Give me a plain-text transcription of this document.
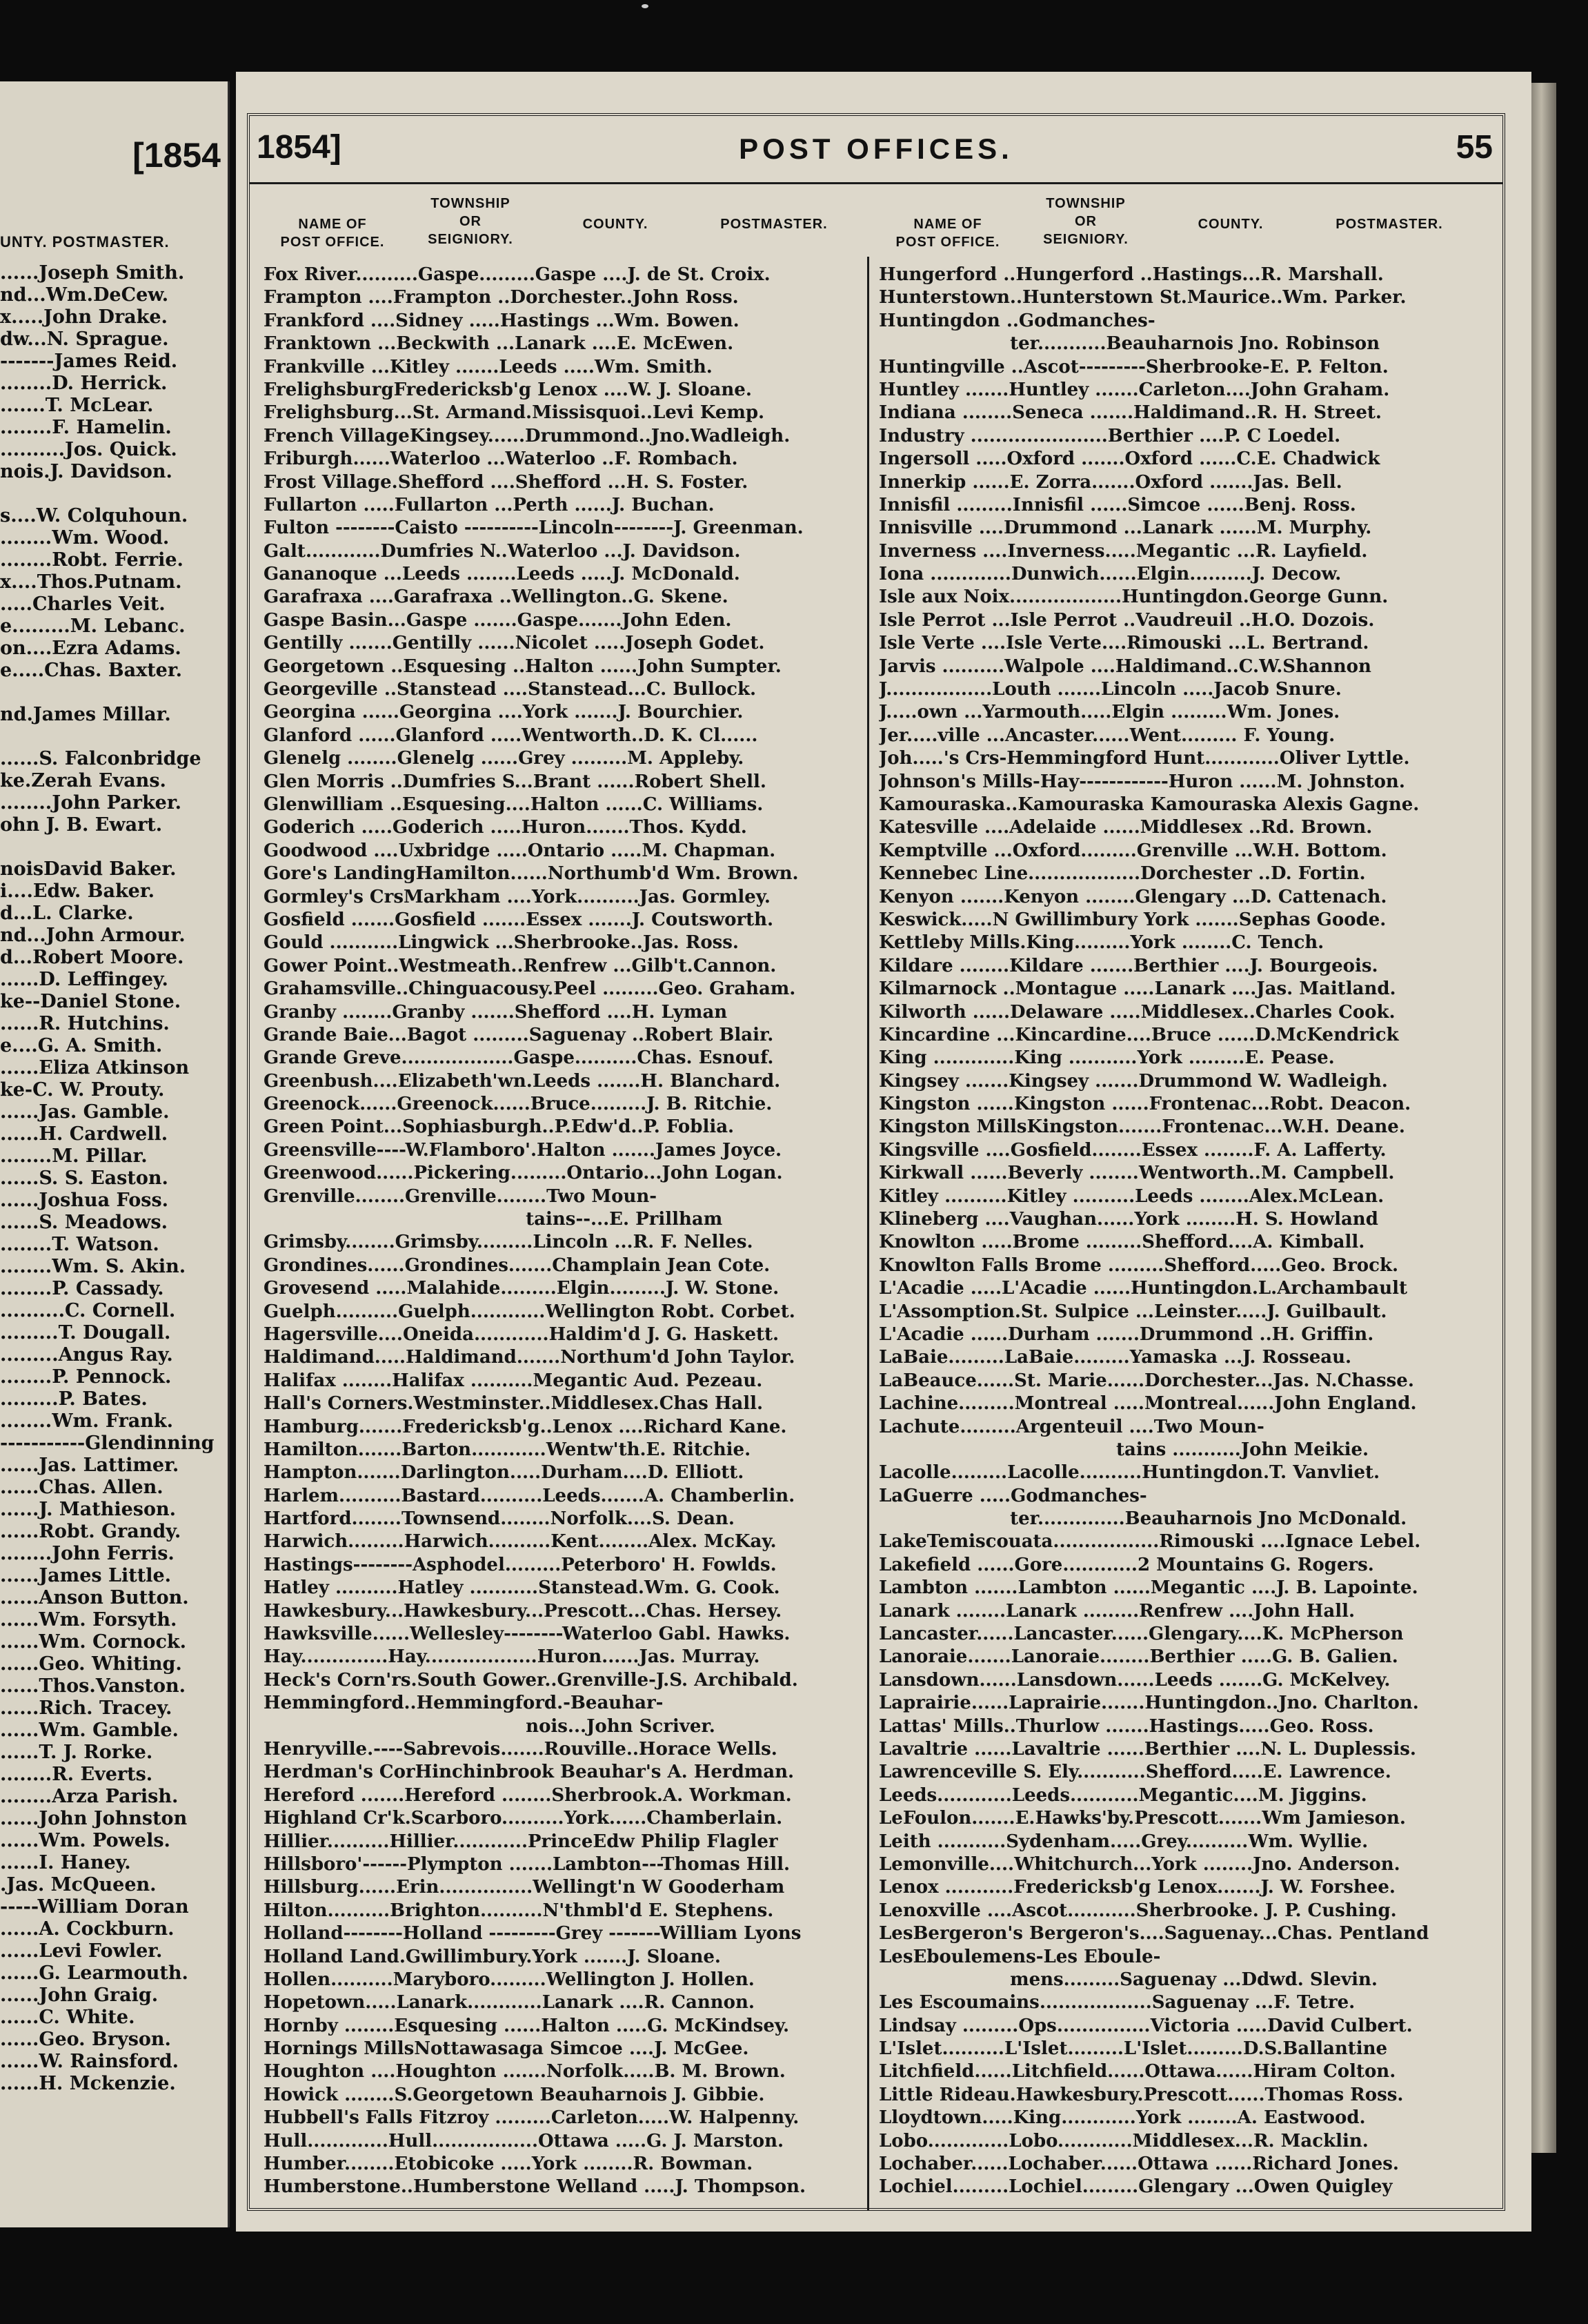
[1854
UNTY. POSTMASTER.
......Joseph Smith.
nd...Wm.DeCew.
x.....John Drake.
dw...N. Sprague.
-------James Reid.
........D. Herrick.
.......T. McLear.
........F. Hamelin.
..........Jos. Quick.
nois.J. Davidson.
s....W. Colquhoun.
........Wm. Wood.
........Robt. Ferrie.
x....Thos.Putnam.
.....Charles Veit.
e.........M. Lebanc.
on....Ezra Adams.
e.....Chas. Baxter.
nd.James Millar.
......S. Falconbridge
ke.Zerah Evans.
........John Parker.
ohn J. B. Ewart.
noisDavid Baker.
i....Edw. Baker.
d...L. Clarke.
nd...John Armour.
d...Robert Moore.
......D. Leffingey.
ke--Daniel Stone.
......R. Hutchins.
e....G. A. Smith.
......Eliza Atkinson
ke-C. W. Prouty.
......Jas. Gamble.
......H. Cardwell.
........M. Pillar.
......S. S. Easton.
......Joshua Foss.
......S. Meadows.
........T. Watson.
........Wm. S. Akin.
........P. Cassady.
..........C. Cornell.
.........T. Dougall.
.........Angus Ray.
........P. Pennock.
.........P. Bates.
........Wm. Frank.
-----------Glendinning
......Jas. Lattimer.
......Chas. Allen.
......J. Mathieson.
......Robt. Grandy.
........John Ferris.
......James Little.
......Anson Button.
......Wm. Forsyth.
......Wm. Cornock.
......Geo. Whiting.
......Thos.Vanston.
......Rich. Tracey.
......Wm. Gamble.
......T. J. Rorke.
........R. Everts.
........Arza Parish.
......John Johnston
......Wm. Powels.
......I. Haney.
.Jas. McQueen.
-----William Doran
......A. Cockburn.
......Levi Fowler.
......G. Learmouth.
......John Graig.
......C. White.
......Geo. Bryson.
......W. Rainsford.
......H. Mckenzie.
1854]	POST OFFICES.	55
NAME OF
POST OFFICE.
TOWNSHIP
OR
SEIGNIORY.
COUNTY.	POSTMASTER.
Fox River..........Gaspe.........Gaspe ....J. de St. Croix.
Frampton ....Frampton ..Dorchester..John Ross.
Frankford ....Sidney .....Hastings ...Wm. Bowen.
Franktown ...Beckwith ...Lanark ....E. McEwen.
Frankville ...Kitley .......Leeds .....Wm. Smith.
FrelighsburgFredericksb'g Lenox ....W. J. Sloane.
Frelighsburg...St. Armand.Missisquoi..Levi Kemp.
French VillageKingsey......Drummond..Jno.Wadleigh.
Friburgh......Waterloo ...Waterloo ..F. Rombach.
Frost Village.Shefford ....Shefford ...H. S. Foster.
Fullarton .....Fullarton ...Perth ......J. Buchan.
Fulton --------Caisto ----------Lincoln--------J. Greenman.
Galt............Dumfries N..Waterloo ...J. Davidson.
Gananoque ...Leeds ........Leeds .....J. McDonald.
Garafraxa ....Garafraxa ..Wellington..G. Skene.
Gaspe Basin...Gaspe .......Gaspe.......John Eden.
Gentilly .......Gentilly ......Nicolet .....Joseph Godet.
Georgetown ..Esquesing ..Halton ......John Sumpter.
Georgeville ..Stanstead ....Stanstead...C. Bullock.
Georgina ......Georgina ....York .......J. Bourchier.
Glanford ......Glanford .....Wentworth..D. K. Cl......
Glenelg ........Glenelg ......Grey .........M. Appleby.
Glen Morris ..Dumfries S...Brant ......Robert Shell.
Glenwilliam ..Esquesing....Halton ......C. Williams.
Goderich .....Goderich .....Huron.......Thos. Kydd.
Goodwood ....Uxbridge .....Ontario .....M. Chapman.
Gore's LandingHamilton......Northumb'd Wm. Brown.
Gormley's CrsMarkham ....York..........Jas. Gormley.
Gosfield .......Gosfield .......Essex .......J. Coutsworth.
Gould ...........Lingwick ...Sherbrooke..Jas. Ross.
Gower Point..Westmeath..Renfrew ...Gilb't.Cannon.
Grahamsville..Chinguacousy.Peel .........Geo. Graham.
Granby ........Granby .......Shefford ....H. Lyman
Grande Baie...Bagot .........Saguenay ..Robert Blair.
Grande Greve..................Gaspe..........Chas. Esnouf.
Greenbush....Elizabeth'wn.Leeds .......H. Blanchard.
Greenock......Greenock......Bruce.........J. B. Ritchie.
Green Point...Sophiasburgh..P.Edw'd..P. Foblia.
Greensville----W.Flamboro'.Halton .......James Joyce.
Greenwood......Pickering.........Ontario...John Logan.
Grenville........Grenville........Two Moun-
tains--...E. Prillham
Grimsby........Grimsby.........Lincoln ...R. F. Nelles.
Grondines......Grondines.......Champlain Jean Cote.
Grovesend .....Malahide.........Elgin.........J. W. Stone.
Guelph..........Guelph............Wellington Robt. Corbet.
Hagersville....Oneida............Haldim'd J. G. Haskett.
Haldimand.....Haldimand.......Northum'd John Taylor.
Halifax ........Halifax ..........Megantic Aud. Pezeau.
Hall's Corners.Westminster..Middlesex.Chas Hall.
Hamburg.......Fredericksb'g..Lenox ....Richard Kane.
Hamilton.......Barton............Wentw'th.E. Ritchie.
Hampton.......Darlington.....Durham....D. Elliott.
Harlem..........Bastard..........Leeds.......A. Chamberlin.
Hartford........Townsend........Norfolk....S. Dean.
Harwich.........Harwich..........Kent........Alex. McKay.
Hastings--------Asphodel.........Peterboro' H. Fowlds.
Hatley ..........Hatley ...........Stanstead.Wm. G. Cook.
Hawkesbury...Hawkesbury...Prescott...Chas. Hersey.
Hawksville......Wellesley--------Waterloo Gabl. Hawks.
Hay..............Hay..................Huron......Jas. Murray.
Heck's Corn'rs.South Gower..Grenville-J.S. Archibald.
Hemmingford..Hemmingford.-Beauhar-
nois...John Scriver.
Henryville.----Sabrevois.......Rouville..Horace Wells.
Herdman's CorHinchinbrook Beauhar's A. Herdman.
Hereford .......Hereford ........Sherbrook.A. Workman.
Highland Cr'k.Scarboro..........York......Chamberlain.
Hillier..........Hillier............PrinceEdw Philip Flagler
Hillsboro'------Plympton .......Lambton---Thomas Hill.
Hillsburg......Erin...............Wellingt'n W Gooderham
Hilton..........Brighton..........N'thmbl'd E. Stephens.
Holland--------Holland ---------Grey -------William Lyons
Holland Land.Gwillimbury.York .......J. Sloane.
Hollen..........Maryboro.........Wellington J. Hollen.
Hopetown.....Lanark............Lanark ....R. Cannon.
Hornby ........Esquesing ......Halton .....G. McKindsey.
Hornings MillsNottawasaga Simcoe ....J. McGee.
Houghton ....Houghton .......Norfolk.....B. M. Brown.
Howick ........S.Georgetown Beauharnois J. Gibbie.
Hubbell's Falls Fitzroy .........Carleton.....W. Halpenny.
Hull.............Hull.................Ottawa .....G. J. Marston.
Humber........Etobicoke .....York ........R. Bowman.
Humberstone..Humberstone Welland .....J. Thompson.
NAME OF
POST OFFICE.
TOWNSHIP
OR
SEIGNIORY.
COUNTY.	POSTMASTER.
Hungerford ..Hungerford ..Hastings...R. Marshall.
Hunterstown..Hunterstown St.Maurice..Wm. Parker.
Huntingdon ..Godmanches-
ter...........Beauharnois Jno. Robinson
Huntingville ..Ascot---------Sherbrooke-E. P. Felton.
Huntley .......Huntley .......Carleton....John Graham.
Indiana ........Seneca .......Haldimand..R. H. Street.
Industry ......................Berthier ....P. C Loedel.
Ingersoll .....Oxford .......Oxford ......C.E. Chadwick
Innerkip ......E. Zorra.......Oxford .......Jas. Bell.
Innisfil .........Innisfil ......Simcoe ......Benj. Ross.
Innisville ....Drummond ...Lanark ......M. Murphy.
Inverness ....Inverness.....Megantic ...R. Layfield.
Iona .............Dunwich......Elgin..........J. Decow.
Isle aux Noix..................Huntingdon.George Gunn.
Isle Perrot ...Isle Perrot ..Vaudreuil ..H.O. Dozois.
Isle Verte ....Isle Verte....Rimouski ...L. Bertrand.
Jarvis ..........Walpole ....Haldimand..C.W.Shannon
J.................Louth .......Lincoln .....Jacob Snure.
J.....own ...Yarmouth.....Elgin .........Wm. Jones.
Jer.....ville ...Ancaster......Went......... F. Young.
Joh.....'s Crs-Hemmingford Hunt............Oliver Lyttle.
Johnson's Mills-Hay------------Huron ......M. Johnston.
Kamouraska..Kamouraska Kamouraska Alexis Gagne.
Katesville ....Adelaide ......Middlesex ..Rd. Brown.
Kemptville ...Oxford.........Grenville ...W.H. Bottom.
Kennebec Line..................Dorchester ..D. Fortin.
Kenyon .......Kenyon ........Glengary ...D. Cattenach.
Keswick.....N Gwillimbury York .......Sephas Goode.
Kettleby Mills.King.........York ........C. Tench.
Kildare ........Kildare .......Berthier ....J. Bourgeois.
Kilmarnock ..Montague .....Lanark ....Jas. Maitland.
Kilworth ......Delaware .....Middlesex..Charles Cook.
Kincardine ...Kincardine....Bruce ......D.McKendrick
King .............King ...........York .........E. Pease.
Kingsey .......Kingsey .......Drummond W. Wadleigh.
Kingston ......Kingston ......Frontenac...Robt. Deacon.
Kingston MillsKingston.......Frontenac...W.H. Deane.
Kingsville ....Gosfield........Essex ........F. A. Lafferty.
Kirkwall ......Beverly ........Wentworth..M. Campbell.
Kitley ..........Kitley ..........Leeds ........Alex.McLean.
Klineberg ....Vaughan......York ........H. S. Howland
Knowlton .....Brome .........Shefford....A. Kimball.
Knowlton Falls Brome .........Shefford.....Geo. Brock.
L'Acadie .....L'Acadie ......Huntingdon.L.Archambault
L'Assomption.St. Sulpice ...Leinster.....J. Guilbault.
L'Acadie ......Durham .......Drummond ..H. Griffin.
LaBaie.........LaBaie.........Yamaska ...J. Rosseau.
LaBeauce......St. Marie......Dorchester...Jas. N.Chasse.
Lachine.........Montreal .....Montreal......John England.
Lachute.........Argenteuil ....Two Moun-
tains ...........John Meikie.
Lacolle.........Lacolle..........Huntingdon.T. Vanvliet.
LaGuerre .....Godmanches-
ter..............Beauharnois Jno McDonald.
LakeTemiscouata.................Rimouski ....Ignace Lebel.
Lakefield ......Gore............2 Mountains G. Rogers.
Lambton .......Lambton ......Megantic ....J. B. Lapointe.
Lanark ........Lanark .........Renfrew ....John Hall.
Lancaster......Lancaster......Glengary....K. McPherson
Lanoraie.......Lanoraie........Berthier .....G. B. Galien.
Lansdown......Lansdown......Leeds .......G. McKelvey.
Laprairie......Laprairie.......Huntingdon..Jno. Charlton.
Lattas' Mills..Thurlow .......Hastings.....Geo. Ross.
Lavaltrie ......Lavaltrie ......Berthier ....N. L. Duplessis.
Lawrenceville S. Ely...........Shefford.....E. Lawrence.
Leeds............Leeds...........Megantic....M. Jiggins.
LeFoulon.......E.Hawks'by.Prescott.......Wm Jamieson.
Leith ...........Sydenham.....Grey..........Wm. Wyllie.
Lemonville....Whitchurch...York ........Jno. Anderson.
Lenox ...........Fredericksb'g Lenox.......J. W. Forshee.
Lenoxville ....Ascot...........Sherbrooke. J. P. Cushing.
LesBergeron's Bergeron's....Saguenay...Chas. Pentland
LesEboulemens-Les Eboule-
mens.........Saguenay ...Ddwd. Slevin.
Les Escoumains..................Saguenay ...F. Tetre.
Lindsay .........Ops...............Victoria .....David Culbert.
L'Islet..........L'Islet.........L'Islet.........D.S.Ballantine
Litchfield......Litchfield......Ottawa......Hiram Colton.
Little Rideau.Hawkesbury.Prescott......Thomas Ross.
Lloydtown.....King............York ........A. Eastwood.
Lobo.............Lobo............Middlesex...R. Macklin.
Lochaber......Lochaber......Ottawa ......Richard Jones.
Lochiel.........Lochiel.........Glengary ...Owen Quigley
